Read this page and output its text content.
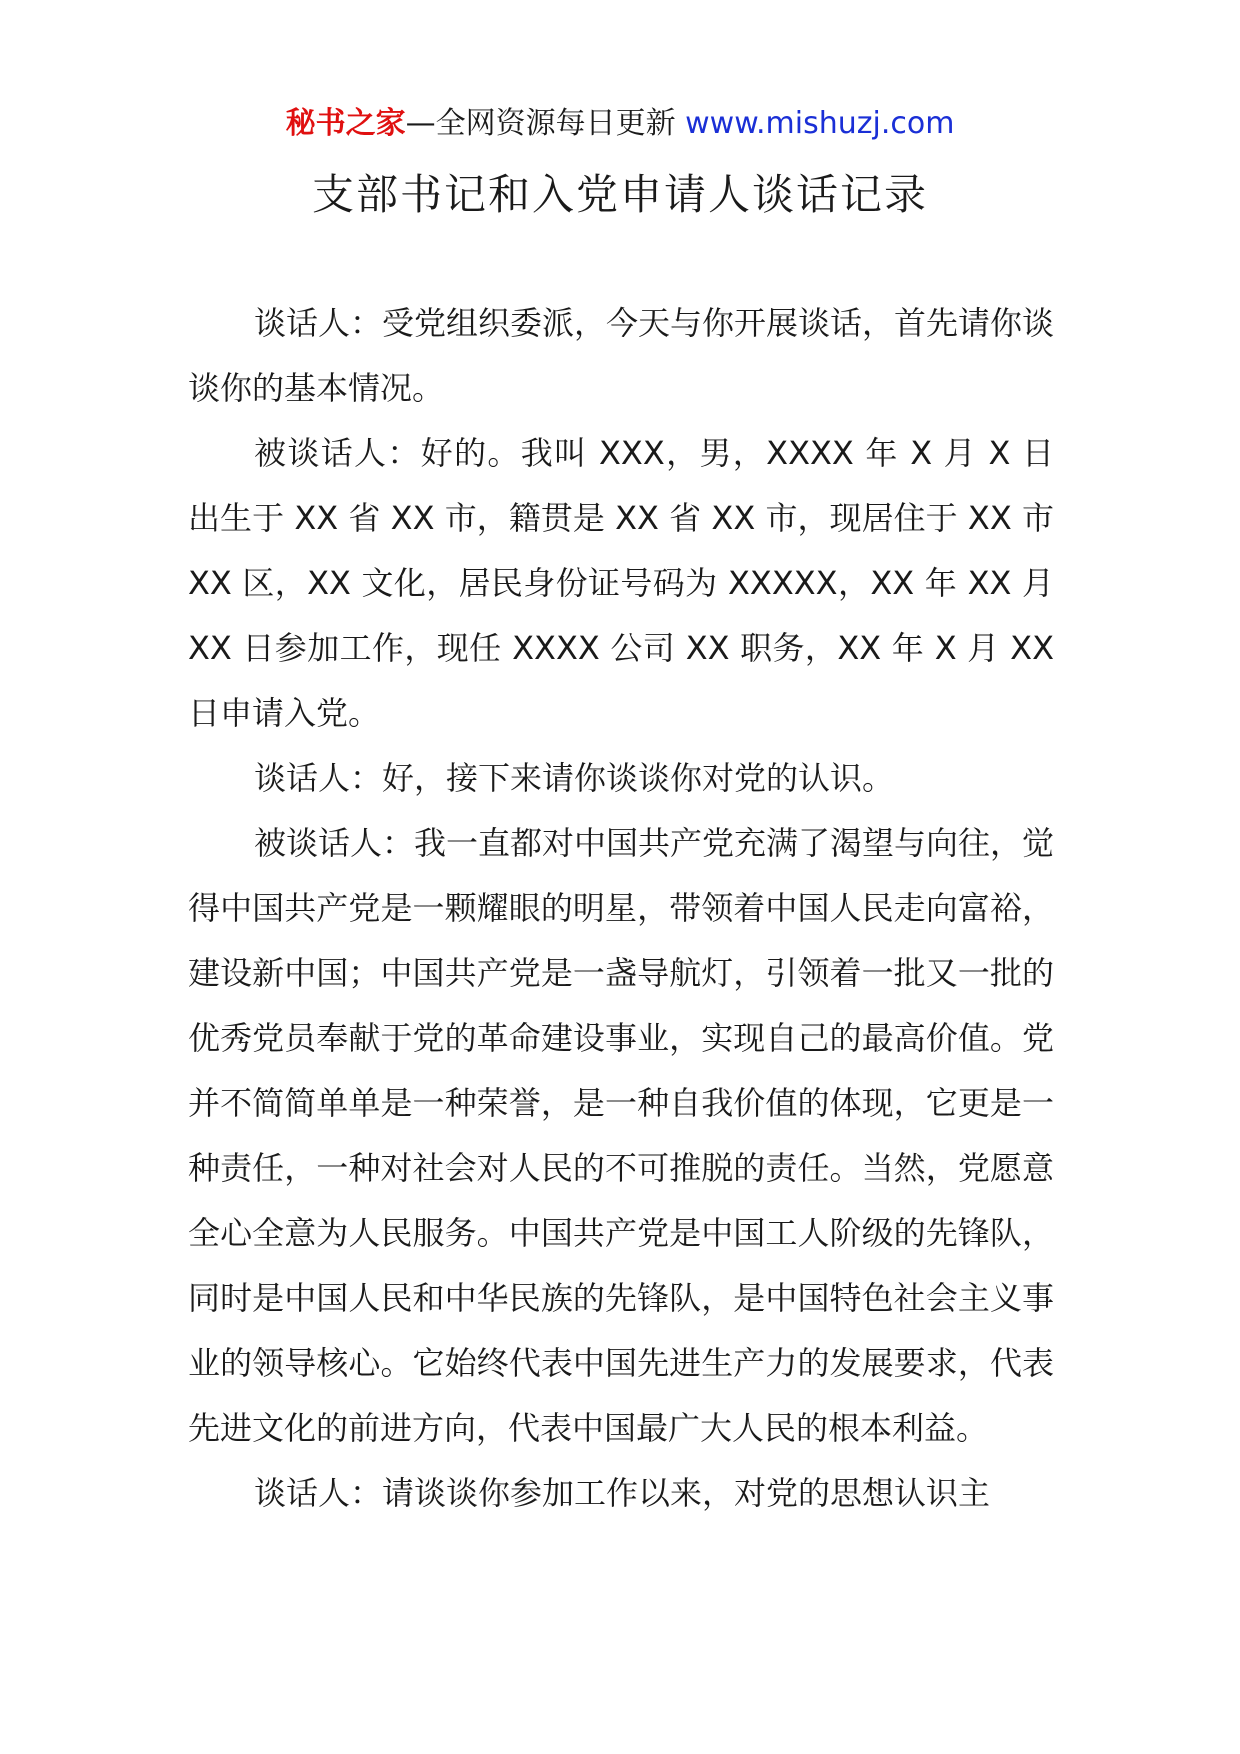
秘书之家—全网资源每日更新 www.mishuzj.com
支部书记和入党申请人谈话记录

谈话人：受党组织委派，今天与你开展谈话，首先请你谈谈你的基本情况。

被谈话人：好的。我叫 XXX，男，XXXX 年 X 月 X 日出生于 XX 省 XX 市，籍贯是 XX 省 XX 市，现居住于 XX 市 XX 区，XX 文化，居民身份证号码为 XXXXX，XX 年 XX 月 XX 日参加工作，现任 XXXX 公司 XX 职务，XX 年 X 月 XX 日申请入党。

谈话人：好，接下来请你谈谈你对党的认识。

被谈话人：我一直都对中国共产党充满了渴望与向往，觉得中国共产党是一颗耀眼的明星，带领着中国人民走向富裕，建设新中国；中国共产党是一盏导航灯，引领着一批又一批的优秀党员奉献于党的革命建设事业，实现自己的最高价值。党并不简简单单是一种荣誉，是一种自我价值的体现，它更是一种责任，一种对社会对人民的不可推脱的责任。当然，党愿意全心全意为人民服务。中国共产党是中国工人阶级的先锋队，同时是中国人民和中华民族的先锋队，是中国特色社会主义事业的领导核心。它始终代表中国先进生产力的发展要求，代表先进文化的前进方向，代表中国最广大人民的根本利益。

谈话人：请谈谈你参加工作以来，对党的思想认识主
